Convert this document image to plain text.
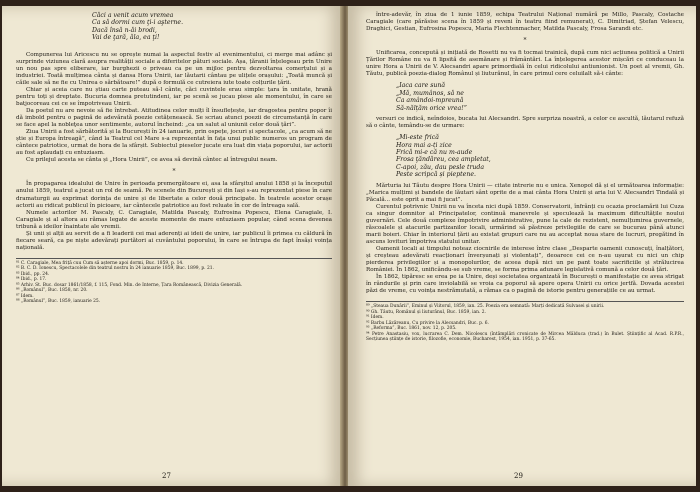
Căci a venit acum vremea
Ca să dormi cum ţi-i aşternе.
Dacă însă n-ăi brodi,
Vai de ţară, ăla, ea ţi!

Compunerea lui Aricescu nu se oprește numai la aspectul festiv al evenimentului, ci merge mai adânc și surprinde viziunea clară asupra realității sociale a diferitelor pături sociale. Așa, țăranii înțelegeau prin Unire un nou pas spre eliberare, iar burghezii o priveau ca pe un mijloc pentru dezvoltarea comerțului și a industriei. Toată mulțimea cânta și dansa Hora Unirii, iar lăutarii cântau pe ulițele orașului: „Toată muncă și căile sale să ne fie cu Unirea o sărbătoare!” după o formulă ce cutreiera iute toate colțurile țării.

Chiar și aceia care nu știau carte puteau să-l cânte, căci cuvintele erau simple: țara în unitate, hrană pentru toți și dreptate. Bucuria domnea pretutindeni, iar pe scenă se jucau piese ale momentului, în care se batjocoreau cei ce se împotriveau Unirii.

Da poetul nu are nevoie să fie întrebat. Atitudinea celor mulți îl însuflețește, iar dragostea pentru popor îi dă imbold pentru o pagină de adevărată poezie cetățenească. Se scriau atunci poezii de circumstanță în care se face apel la nobleţea unor sentimente, autorul încheind: „ca un salut al uniunii celor două țări”.

Ziua Unirii a fost sărbătorită și la București în 24 ianuarie, prin ospețe, jocuri și spectacole, „ca acum să ne știe și Europa întreagă”, când la Teatrul cel Mare s-a reprezentat în fața unui public numeros un program de cântece patriotice, urmat de hora de la sfârșit. Subiectul pieselor jucate era luat din viața poporului, iar actorii au fost aplaudați cu entuziasm.

Cu prilejul acesta se cânta și „Hora Unirii”, ce avea să devină cântec al întregului neam.

*

În propagarea idealului de Unire în perioada premergătoare ei, asa la sfârşitul anului 1858 și la începutul anului 1859, teatrul a jucat un rol de seamă. Pe scenele din București și din Iași s-au reprezentat piese în care dramaturgii au exprimat dorința de unire și de libertate a celor două principate. În teatrele acestor orașe actorii au ridicat publicul în picioare, iar cântecele patriotice au fost reluate în cor de întreaga sală.

Numele actorilor M. Pascaly, C. Caragiale, Matilda Pascaly, Eufrosina Popescu, Elena Caragiale, I. Caragiale și al altora au rămas legate de aceste momente de mare entuziasm popular, când scena devenea tribună a ideilor înaintate ale vremii.

Și unii și alții au servit de a fi leaderii cei mai aderenți ai ideii de unire, iar publicul îi primea cu căldură în fiecare seară, ca pe niște adevărați purtători ai cuvântului poporului, în care se întrupa de fapt însăși voința națională.

⁸¹ C. Caragiale, Mea friță cuu Cum să așterne apoi dormi, Buc. 1859, p. 14.
⁸² B. C. D. Ionescu, Spectacolele din teatrul nostru în 24 ianuarie 1859, Buc. 1899, p. 21.
⁸³ Ibid., pp. 24.
⁸⁴ Ibid., p. 17.
⁸⁵ Arhiv. St. Buc. dosar 1861/1858, f. 115, Fond. Min. de Interne, Țara Românească, Divizia Generală.
⁸⁶ „Românul”, Buc. 1858, nr. 20.
⁸⁷ Idem.
⁸⁸ „Românul”, Buc. 1859, ianuarie 25.
27

între-adevăr, în ziua de 1 iunie 1859, echipa Teatrului Național numără pe Millo, Pascaly, Costache Caragiale (care părăsise scena în 1859 și reveni în teatru fiind remunerat), C. Dimitriad, Ștefan Velescu, Draghici, Gestian, Eufrosina Popescu, Maria Flechtenmacher, Matilda Pascaly, Frosa Sarandi etc.

*

Unificarea, concepută și inițiată de Rosetti nu va fi tocmai trainică, după cum nici acțiunea politică a Unirii Țărilor Române nu va fi lipsită de asemănare și frământări. La înțelegerea acestor mișcări ce conduceau la unire Hora a Unirii de V. Alecsandri apare primordială în celui ridicolului antiunionist. Un poet al vremii, Gh. Tăutu, publică poezia-dialog Românul și liuturănul, în care primul cere celuilalt să-i cânte:

„Iaca care sună
„Mă, mumânos, să ne
Ca amândoi-mpreună
Să-nălțăm orice vrea!”

versuri ce indică, neîndoios, bucata lui Alecsandri. Spre surpriza noastră, a celor ce ascultă, lăutarul refuză să o cânte, temându-se de urmare:

„Mi-este frică
Hora mai a-ți zice
Frică mi-e că nu m-aude
Frosa ţăndăreu, cea ampletat,
C-apoi, zău, dau pesle truda
Peste scripcă și pieptene.

Mărturia lui Tăutu despre Hora Unirii — citate intrerie nu e unica. Xenopol dă și el următoarea informație: „Marica mulțimi și bandele de lăutari sânt oprite de a mai cânta Hora Unirii și aria lui V. Alecsandri Tindală și Păcală... este oprit a mai fi jucat”.

Curentul potrivnic Unirii nu va înceta nici după 1859. Conservatorii, înfrânți cu ocazia proclamării lui Cuza ca singur domnitor al Principatelor, continuă manevrele și speculează la maximum dificultățile noului guvernări. Cele două complexe împotrivire administrative, pune la cale de rezistent, nemulțumirea guvernele, răscoalele și atacurile partizanilor locali, urmărind să păstreze privilegiile de care se bucurau până atunci marii boieri. Chiar în interiorul țării au existat grupuri care nu au acceptat noua stare de lucruri, pregătind în ascuns lovituri împotriva statului unitar.

Oamenii locali ai timpului noteaz ciocnirile de interese între clase „Desparte oamenii cunoscuți, înalțători, și creșteau adevărati reacționari înverșunați și violentați”, deoarece cei ce n-au ușurat cu nici un chip pierderea privilegiilor și a monopolurilor, de aceea după nici un pe pant toate sacrificiile și strălucirea României. În 1862, unificându-se sub vreme, se forma prima adunare legislativă comună a celor două țări.

În 1862, tipăresc se erea pe ia Unire, deși societatea organizată în București o manifestație ce avea strigat în rândurile și prin care inviolabilă se vroia ca poporul să apere opera Unirii cu orice jertfă. Dovada acestei păzi de vreme, cu voința nestrămutată, a rămas ca o pagină de istorie pentru generațiile ce au urmat.

⁸⁹ „Steaua Dunării”, Eminul și Viitorul, 1859, ian. 25. Poezia era semnată: Marți dedicată Sulvasei și unirii.
⁹⁰ Gh. Tăutu, Românul și liuturănul, Buc. 1859, ian. 2.
⁹¹ Idem.
⁹² Barbu Lăzăreanu, Cu privire la Alecsandri, Buc. p. 6.
⁹³ „Reforma”, Buc. 1861, nov. 12, p. 205.
⁹⁴ Petre Anastasiu, vox, lucrarea C. Dem. Nicolescu (întâmplări cronicate de Mircea Mălduca (trad.) în Bulet. Științific al Acad. R.P.R., Secțiunea științe de istorie, filozofie, economie, Bucharest, 1954, ian. 1951, p. 37-65.
29
